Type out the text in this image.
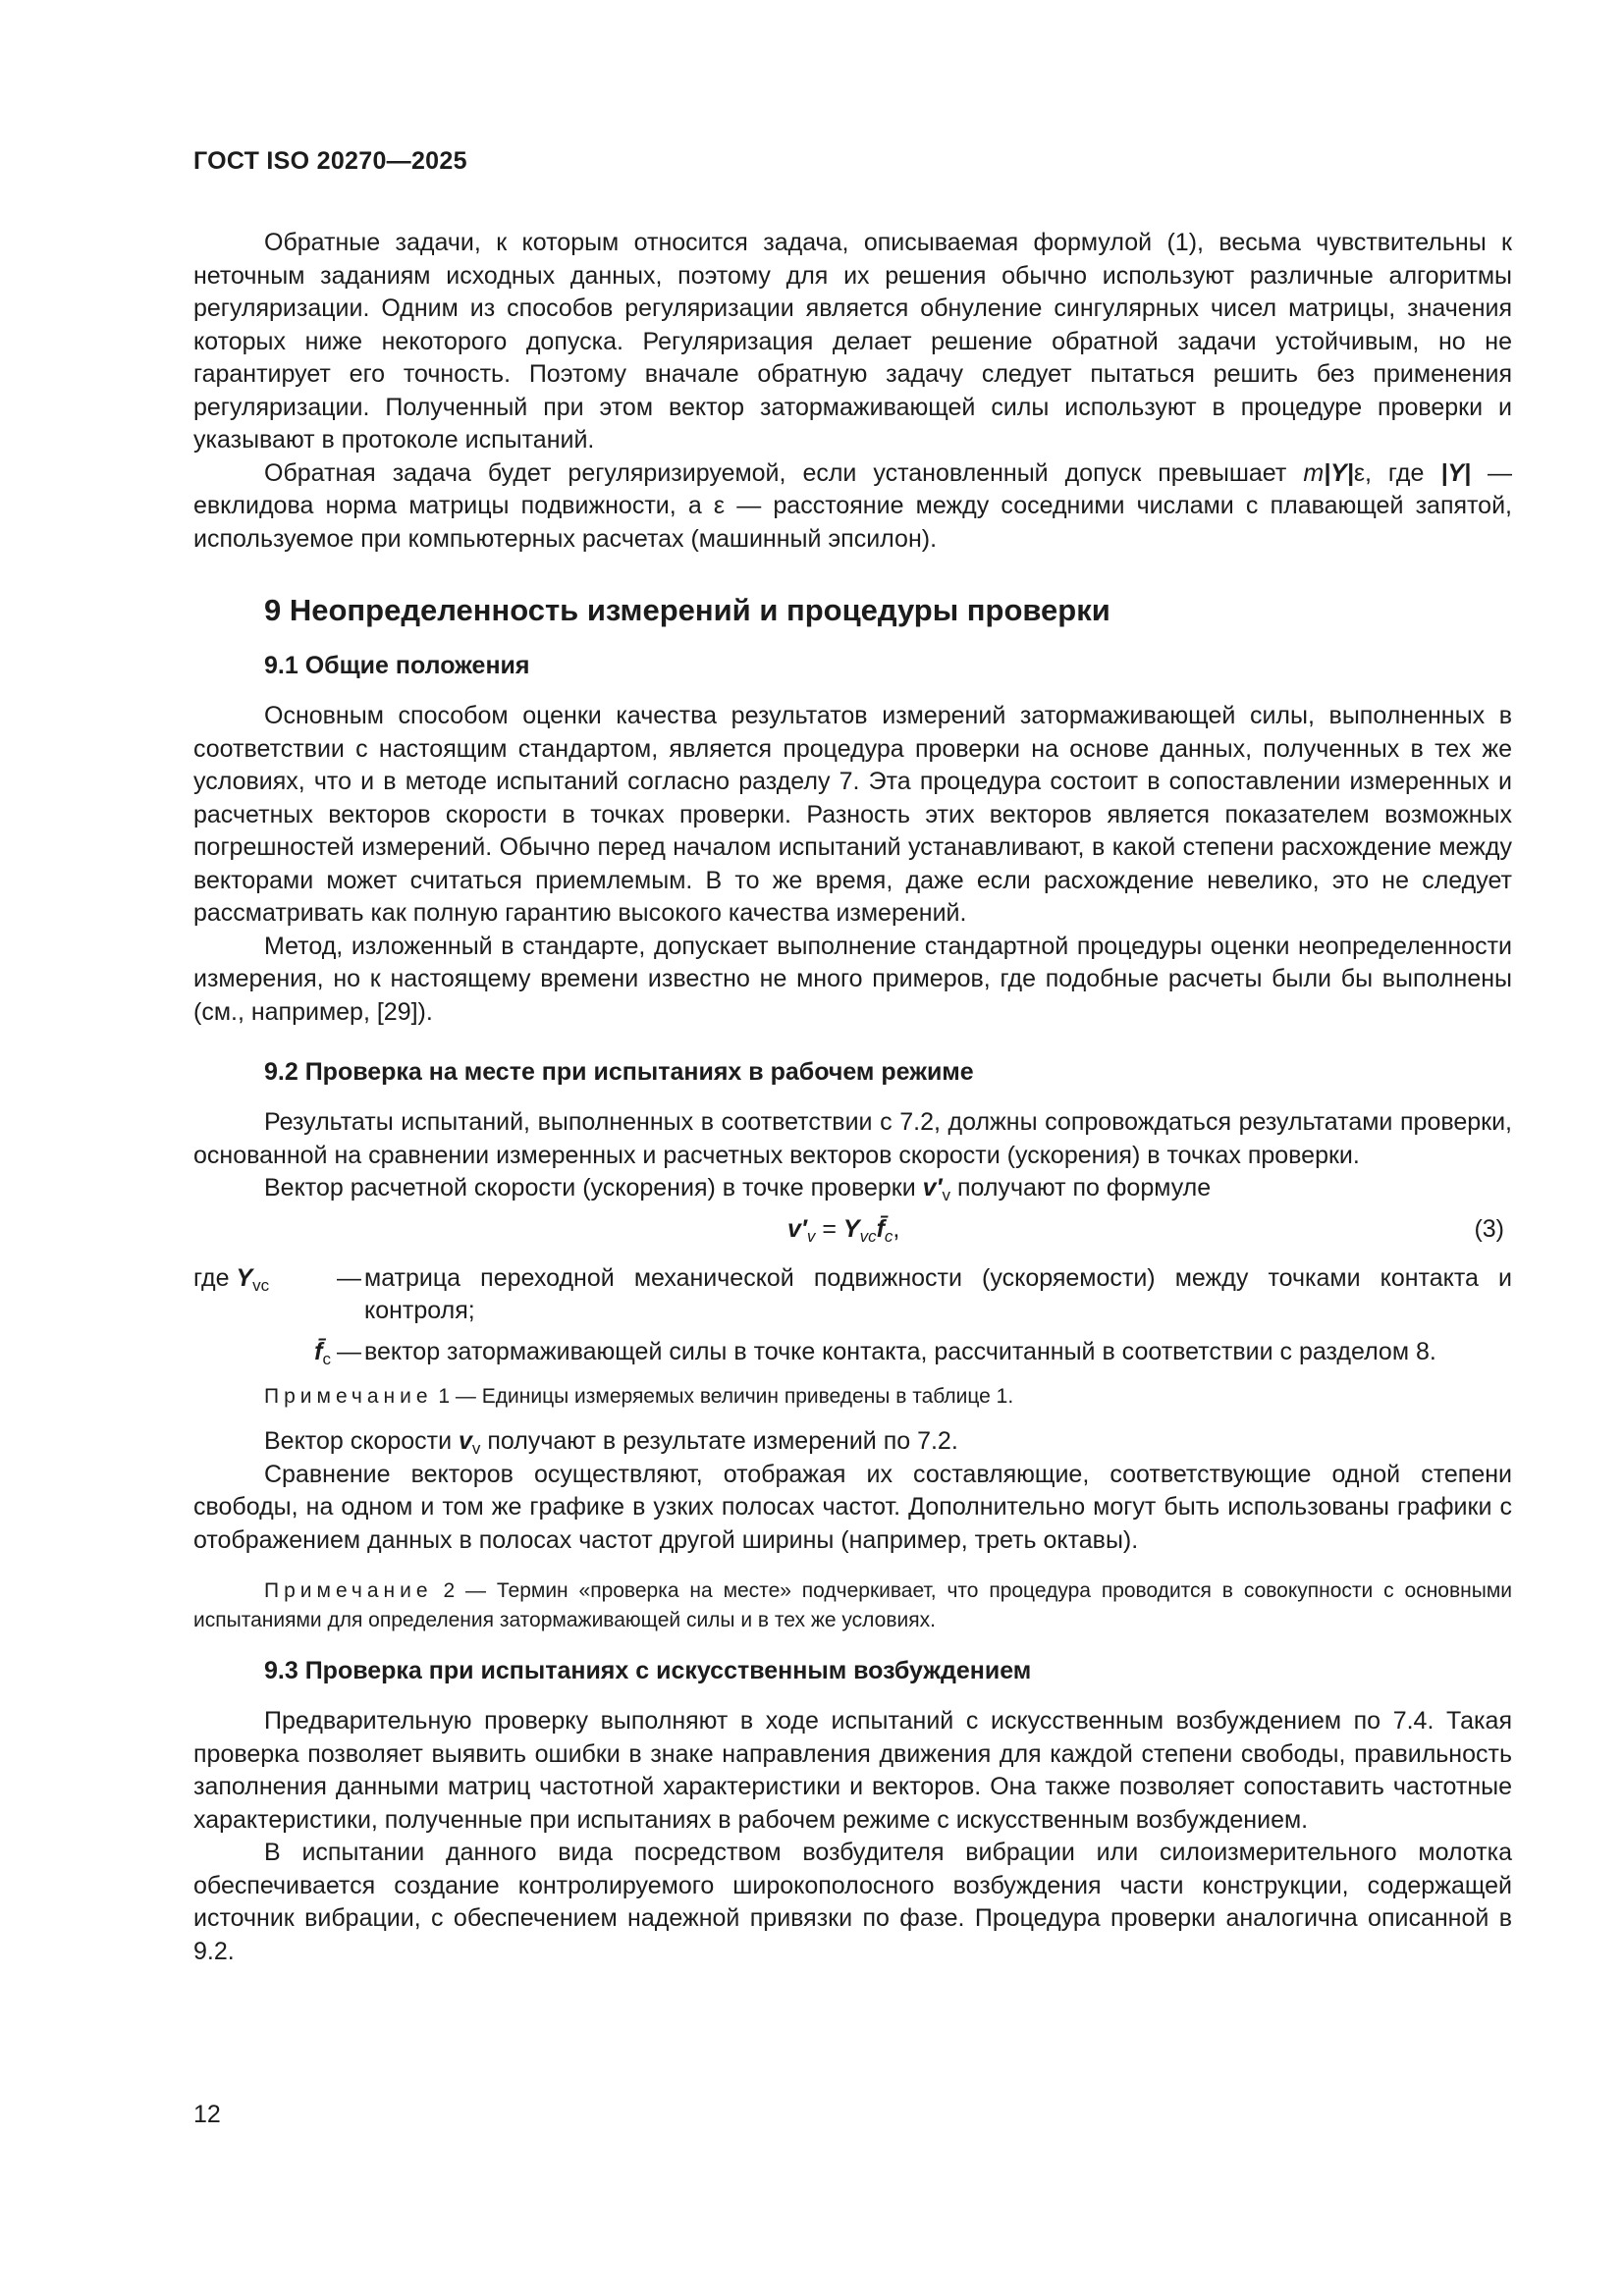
ГОСТ ISO 20270—2025

Обратные задачи, к которым относится задача, описываемая формулой (1), весьма чувствительны к неточным заданиям исходных данных, поэтому для их решения обычно используют различные алгоритмы регуляризации. Одним из способов регуляризации является обнуление сингулярных чисел матрицы, значения которых ниже некоторого допуска. Регуляризация делает решение обратной задачи устойчивым, но не гарантирует его точность. Поэтому вначале обратную задачу следует пытаться решить без применения регуляризации. Полученный при этом вектор затормаживающей силы используют в процедуре проверки и указывают в протоколе испытаний.

Обратная задача будет регуляризируемой, если установленный допуск превышает m|Y|ε, где |Y| — евклидова норма матрицы подвижности, а ε — расстояние между соседними числами с плавающей запятой, используемое при компьютерных расчетах (машинный эпсилон).

9 Неопределенность измерений и процедуры проверки
9.1 Общие положения

Основным способом оценки качества результатов измерений затормаживающей силы, выполненных в соответствии с настоящим стандартом, является процедура проверки на основе данных, полученных в тех же условиях, что и в методе испытаний согласно разделу 7. Эта процедура состоит в сопоставлении измеренных и расчетных векторов скорости в точках проверки. Разность этих векторов является показателем возможных погрешностей измерений. Обычно перед началом испытаний устанавливают, в какой степени расхождение между векторами может считаться приемлемым. В то же время, даже если расхождение невелико, это не следует рассматривать как полную гарантию высокого качества измерений.

Метод, изложенный в стандарте, допускает выполнение стандартной процедуры оценки неопределенности измерения, но к настоящему времени известно не много примеров, где подобные расчеты были бы выполнены (см., например, [29]).

9.2 Проверка на месте при испытаниях в рабочем режиме

Результаты испытаний, выполненных в соответствии с 7.2, должны сопровождаться результатами проверки, основанной на сравнении измеренных и расчетных векторов скорости (ускорения) в точках проверки.

Вектор расчетной скорости (ускорения) в точке проверки $v'_v$ получают по формуле

$v'_v$ = $Y_{vc}f̄_c$,	(3)
где $Y_{vc}$	— матрица переходной механической подвижности (ускоряемости) между точками контакта и контроля;
$f̄_c$ — вектор затормаживающей силы в точке контакта, рассчитанный в соответствии с разделом 8.

Примечание 1 — Единицы измеряемых величин приведены в таблице 1.

Вектор скорости $v_v$ получают в результате измерений по 7.2.

Сравнение векторов осуществляют, отображая их составляющие, соответствующие одной степени свободы, на одном и том же графике в узких полосах частот. Дополнительно могут быть использованы графики с отображением данных в полосах частот другой ширины (например, треть октавы).

Примечание 2 — Термин «проверка на месте» подчеркивает, что процедура проводится в совокупности с основными испытаниями для определения затормаживающей силы и в тех же условиях.

9.3 Проверка при испытаниях с искусственным возбуждением

Предварительную проверку выполняют в ходе испытаний с искусственным возбуждением по 7.4. Такая проверка позволяет выявить ошибки в знаке направления движения для каждой степени свободы, правильность заполнения данными матриц частотной характеристики и векторов. Она также позволяет сопоставить частотные характеристики, полученные при испытаниях в рабочем режиме с искусственным возбуждением.

В испытании данного вида посредством возбудителя вибрации или силоизмерительного молотка обеспечивается создание контролируемого широкополосного возбуждения части конструкции, содержащей источник вибрации, с обеспечением надежной привязки по фазе. Процедура проверки аналогична описанной в 9.2.

12
